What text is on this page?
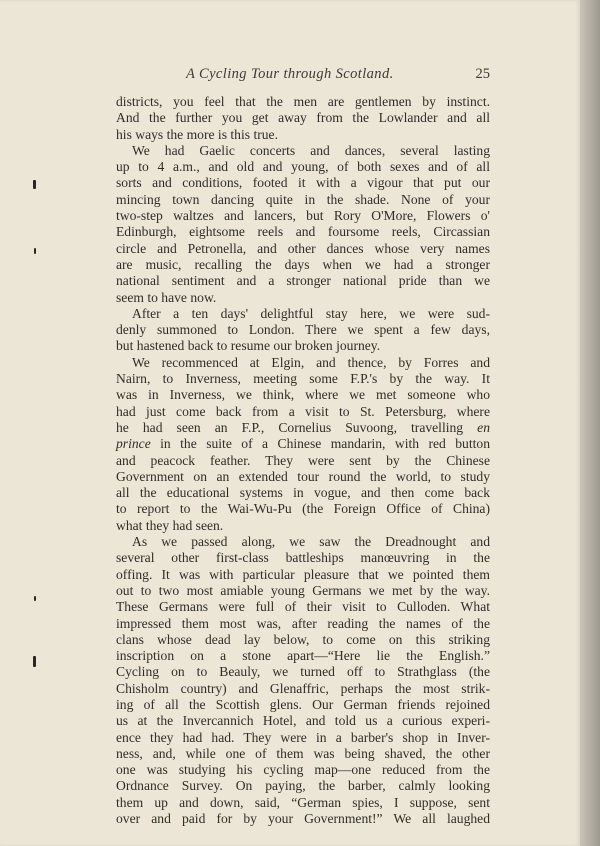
A Cycling Tour through Scotland.	25
districts, you feel that the men are gentlemen by instinct.
And the further you get away from the Lowlander and all
his ways the more is this true.
We had Gaelic concerts and dances, several lasting
up to 4 a.m., and old and young, of both sexes and of all
sorts and conditions, footed it with a vigour that put our
mincing town dancing quite in the shade. None of your
two-step waltzes and lancers, but Rory O'More, Flowers o'
Edinburgh, eightsome reels and foursome reels, Circassian
circle and Petronella, and other dances whose very names
are music, recalling the days when we had a stronger
national sentiment and a stronger national pride than we
seem to have now.
After a ten days' delightful stay here, we were sud-
denly summoned to London. There we spent a few days,
but hastened back to resume our broken journey.
We recommenced at Elgin, and thence, by Forres and
Nairn, to Inverness, meeting some F.P.'s by the way. It
was in Inverness, we think, where we met someone who
had just come back from a visit to St. Petersburg, where
he had seen an F.P., Cornelius Suvoong, travelling en
prince in the suite of a Chinese mandarin, with red button
and peacock feather. They were sent by the Chinese
Government on an extended tour round the world, to study
all the educational systems in vogue, and then come back
to report to the Wai-Wu-Pu (the Foreign Office of China)
what they had seen.
As we passed along, we saw the Dreadnought and
several other first-class battleships manœuvring in the
offing. It was with particular pleasure that we pointed them
out to two most amiable young Germans we met by the way.
These Germans were full of their visit to Culloden. What
impressed them most was, after reading the names of the
clans whose dead lay below, to come on this striking
inscription on a stone apart—“Here lie the English.”
Cycling on to Beauly, we turned off to Strathglass (the
Chisholm country) and Glenaffric, perhaps the most strik-
ing of all the Scottish glens. Our German friends rejoined
us at the Invercannich Hotel, and told us a curious experi-
ence they had had. They were in a barber's shop in Inver-
ness, and, while one of them was being shaved, the other
one was studying his cycling map—one reduced from the
Ordnance Survey. On paying, the barber, calmly looking
them up and down, said, “German spies, I suppose, sent
over and paid for by your Government!” We all laughed
